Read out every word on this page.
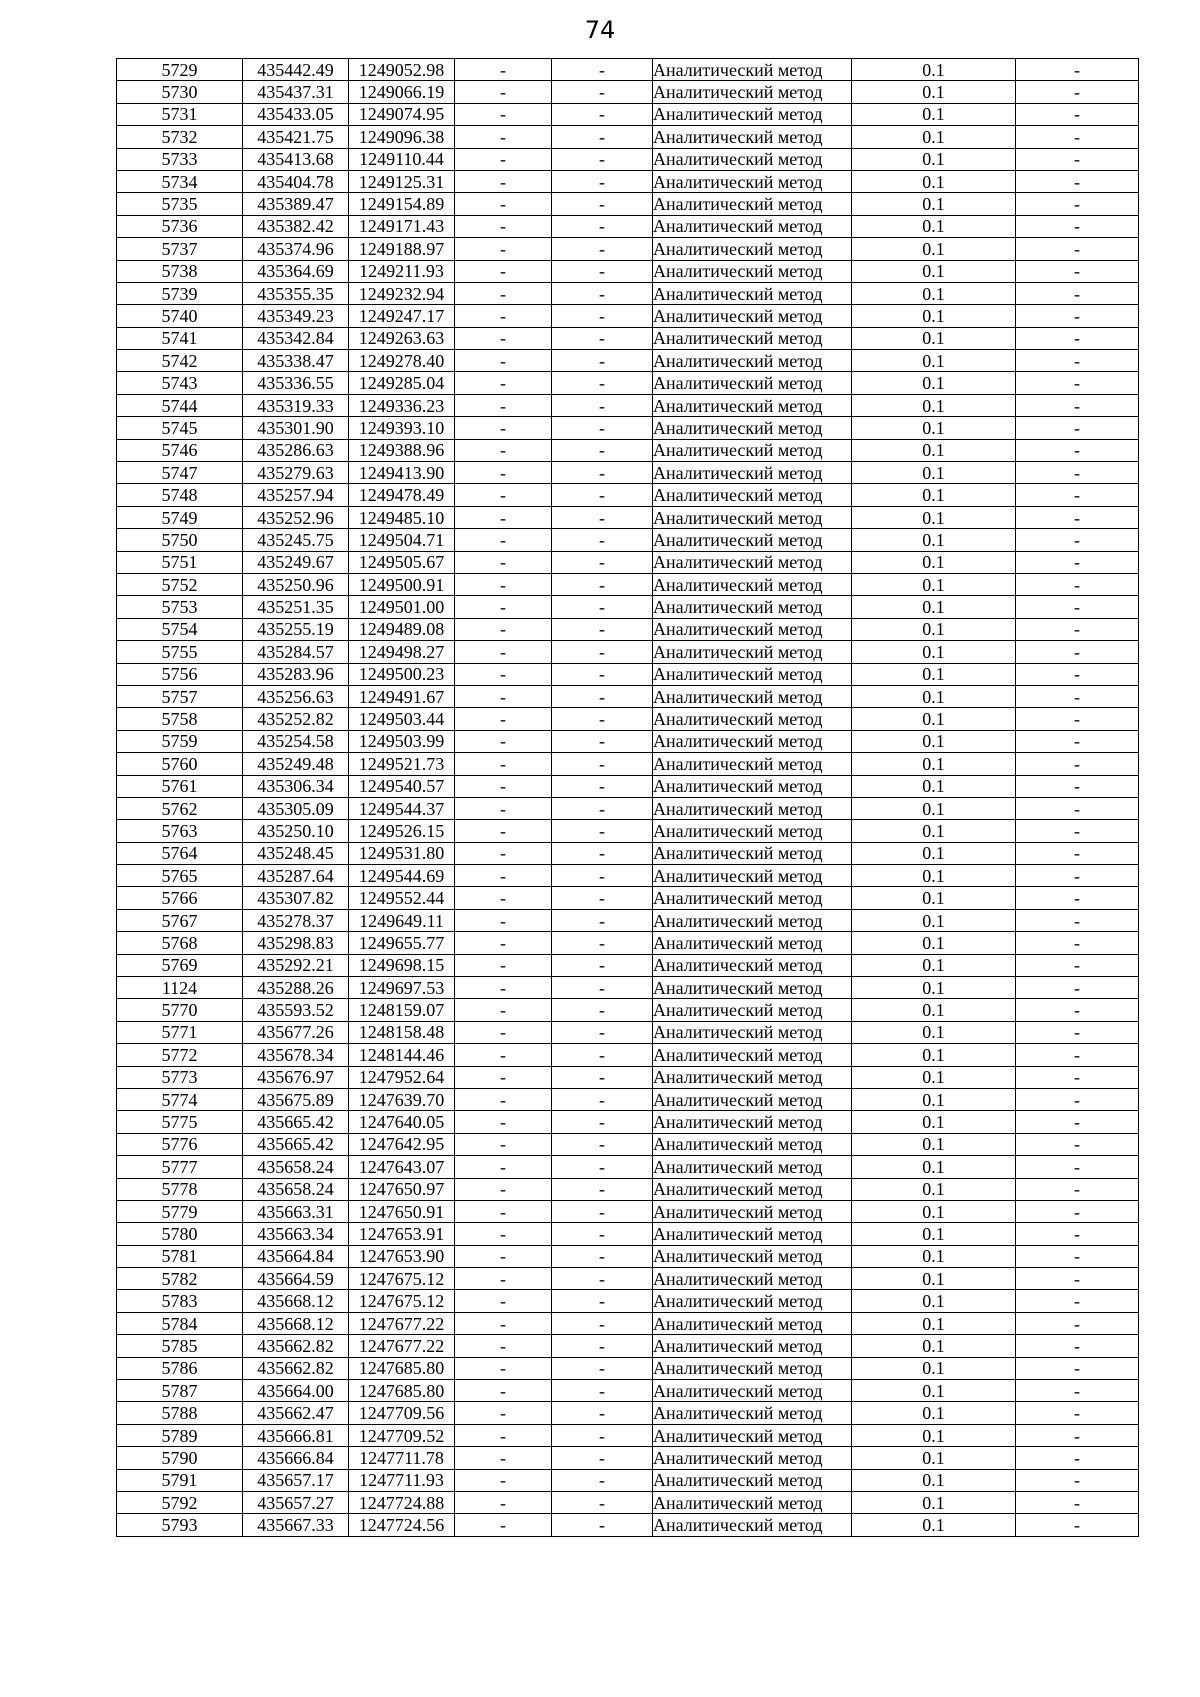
74
5729	435442.49	1249052.98	-	-	Аналитический метод	0.1	-
5730	435437.31	1249066.19	-	-	Аналитический метод	0.1	-
5731	435433.05	1249074.95	-	-	Аналитический метод	0.1	-
5732	435421.75	1249096.38	-	-	Аналитический метод	0.1	-
5733	435413.68	1249110.44	-	-	Аналитический метод	0.1	-
5734	435404.78	1249125.31	-	-	Аналитический метод	0.1	-
5735	435389.47	1249154.89	-	-	Аналитический метод	0.1	-
5736	435382.42	1249171.43	-	-	Аналитический метод	0.1	-
5737	435374.96	1249188.97	-	-	Аналитический метод	0.1	-
5738	435364.69	1249211.93	-	-	Аналитический метод	0.1	-
5739	435355.35	1249232.94	-	-	Аналитический метод	0.1	-
5740	435349.23	1249247.17	-	-	Аналитический метод	0.1	-
5741	435342.84	1249263.63	-	-	Аналитический метод	0.1	-
5742	435338.47	1249278.40	-	-	Аналитический метод	0.1	-
5743	435336.55	1249285.04	-	-	Аналитический метод	0.1	-
5744	435319.33	1249336.23	-	-	Аналитический метод	0.1	-
5745	435301.90	1249393.10	-	-	Аналитический метод	0.1	-
5746	435286.63	1249388.96	-	-	Аналитический метод	0.1	-
5747	435279.63	1249413.90	-	-	Аналитический метод	0.1	-
5748	435257.94	1249478.49	-	-	Аналитический метод	0.1	-
5749	435252.96	1249485.10	-	-	Аналитический метод	0.1	-
5750	435245.75	1249504.71	-	-	Аналитический метод	0.1	-
5751	435249.67	1249505.67	-	-	Аналитический метод	0.1	-
5752	435250.96	1249500.91	-	-	Аналитический метод	0.1	-
5753	435251.35	1249501.00	-	-	Аналитический метод	0.1	-
5754	435255.19	1249489.08	-	-	Аналитический метод	0.1	-
5755	435284.57	1249498.27	-	-	Аналитический метод	0.1	-
5756	435283.96	1249500.23	-	-	Аналитический метод	0.1	-
5757	435256.63	1249491.67	-	-	Аналитический метод	0.1	-
5758	435252.82	1249503.44	-	-	Аналитический метод	0.1	-
5759	435254.58	1249503.99	-	-	Аналитический метод	0.1	-
5760	435249.48	1249521.73	-	-	Аналитический метод	0.1	-
5761	435306.34	1249540.57	-	-	Аналитический метод	0.1	-
5762	435305.09	1249544.37	-	-	Аналитический метод	0.1	-
5763	435250.10	1249526.15	-	-	Аналитический метод	0.1	-
5764	435248.45	1249531.80	-	-	Аналитический метод	0.1	-
5765	435287.64	1249544.69	-	-	Аналитический метод	0.1	-
5766	435307.82	1249552.44	-	-	Аналитический метод	0.1	-
5767	435278.37	1249649.11	-	-	Аналитический метод	0.1	-
5768	435298.83	1249655.77	-	-	Аналитический метод	0.1	-
5769	435292.21	1249698.15	-	-	Аналитический метод	0.1	-
1124	435288.26	1249697.53	-	-	Аналитический метод	0.1	-
5770	435593.52	1248159.07	-	-	Аналитический метод	0.1	-
5771	435677.26	1248158.48	-	-	Аналитический метод	0.1	-
5772	435678.34	1248144.46	-	-	Аналитический метод	0.1	-
5773	435676.97	1247952.64	-	-	Аналитический метод	0.1	-
5774	435675.89	1247639.70	-	-	Аналитический метод	0.1	-
5775	435665.42	1247640.05	-	-	Аналитический метод	0.1	-
5776	435665.42	1247642.95	-	-	Аналитический метод	0.1	-
5777	435658.24	1247643.07	-	-	Аналитический метод	0.1	-
5778	435658.24	1247650.97	-	-	Аналитический метод	0.1	-
5779	435663.31	1247650.91	-	-	Аналитический метод	0.1	-
5780	435663.34	1247653.91	-	-	Аналитический метод	0.1	-
5781	435664.84	1247653.90	-	-	Аналитический метод	0.1	-
5782	435664.59	1247675.12	-	-	Аналитический метод	0.1	-
5783	435668.12	1247675.12	-	-	Аналитический метод	0.1	-
5784	435668.12	1247677.22	-	-	Аналитический метод	0.1	-
5785	435662.82	1247677.22	-	-	Аналитический метод	0.1	-
5786	435662.82	1247685.80	-	-	Аналитический метод	0.1	-
5787	435664.00	1247685.80	-	-	Аналитический метод	0.1	-
5788	435662.47	1247709.56	-	-	Аналитический метод	0.1	-
5789	435666.81	1247709.52	-	-	Аналитический метод	0.1	-
5790	435666.84	1247711.78	-	-	Аналитический метод	0.1	-
5791	435657.17	1247711.93	-	-	Аналитический метод	0.1	-
5792	435657.27	1247724.88	-	-	Аналитический метод	0.1	-
5793	435667.33	1247724.56	-	-	Аналитический метод	0.1	-
